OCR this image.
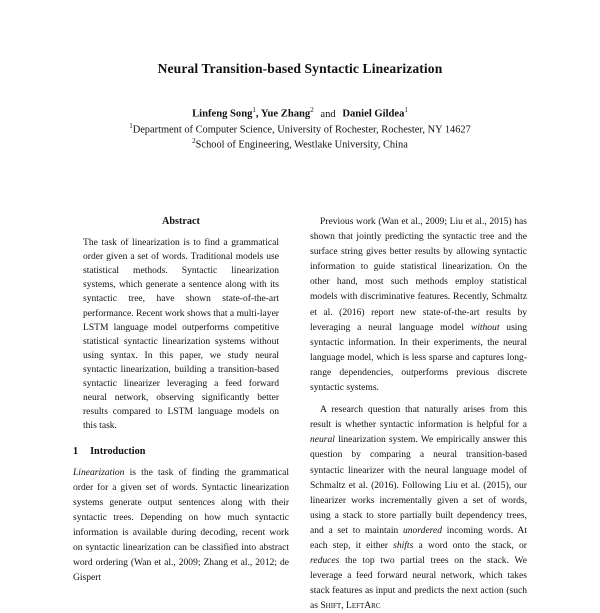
Neural Transition-based Syntactic Linearization
Linfeng Song$^1$, Yue Zhang$^2$ and Daniel Gildea$^1$
$^1$Department of Computer Science, University of Rochester, Rochester, NY 14627
$^2$School of Engineering, Westlake University, China
Abstract

The task of linearization is to find a grammatical order given a set of words. Traditional models use statistical methods. Syntactic linearization systems, which generate a sentence along with its syntactic tree, have shown state-of-the-art performance. Recent work shows that a multi-layer LSTM language model outperforms competitive statistical syntactic linearization systems without using syntax. In this paper, we study neural syntactic linearization, building a transition-based syntactic linearizer leveraging a feed forward neural network, observing significantly better results compared to LSTM language models on this task.

1 Introduction

Linearization is the task of finding the grammatical order for a given set of words. Syntactic linearization systems generate output sentences along with their syntactic trees. Depending on how much syntactic information is available during decoding, recent work on syntactic linearization can be classified into abstract word ordering (Wan et al., 2009; Zhang et al., 2012; de Gispert

Previous work (Wan et al., 2009; Liu et al., 2015) has shown that jointly predicting the syntactic tree and the surface string gives better results by allowing syntactic information to guide statistical linearization. On the other hand, most such methods employ statistical models with discriminative features. Recently, Schmaltz et al. (2016) report new state-of-the-art results by leveraging a neural language model without using syntactic information. In their experiments, the neural language model, which is less sparse and captures long-range dependencies, outperforms previous discrete syntactic systems.

A research question that naturally arises from this result is whether syntactic information is helpful for a neural linearization system. We empirically answer this question by comparing a neural transition-based syntactic linearizer with the neural language model of Schmaltz et al. (2016). Following Liu et al. (2015), our linearizer works incrementally given a set of words, using a stack to store partially built dependency trees, and a set to maintain unordered incoming words. At each step, it either shifts a word onto the stack, or reduces the top two partial trees on the stack. We leverage a feed forward neural network, which takes stack features as input and predicts the next action (such as Shift, LeftArc
